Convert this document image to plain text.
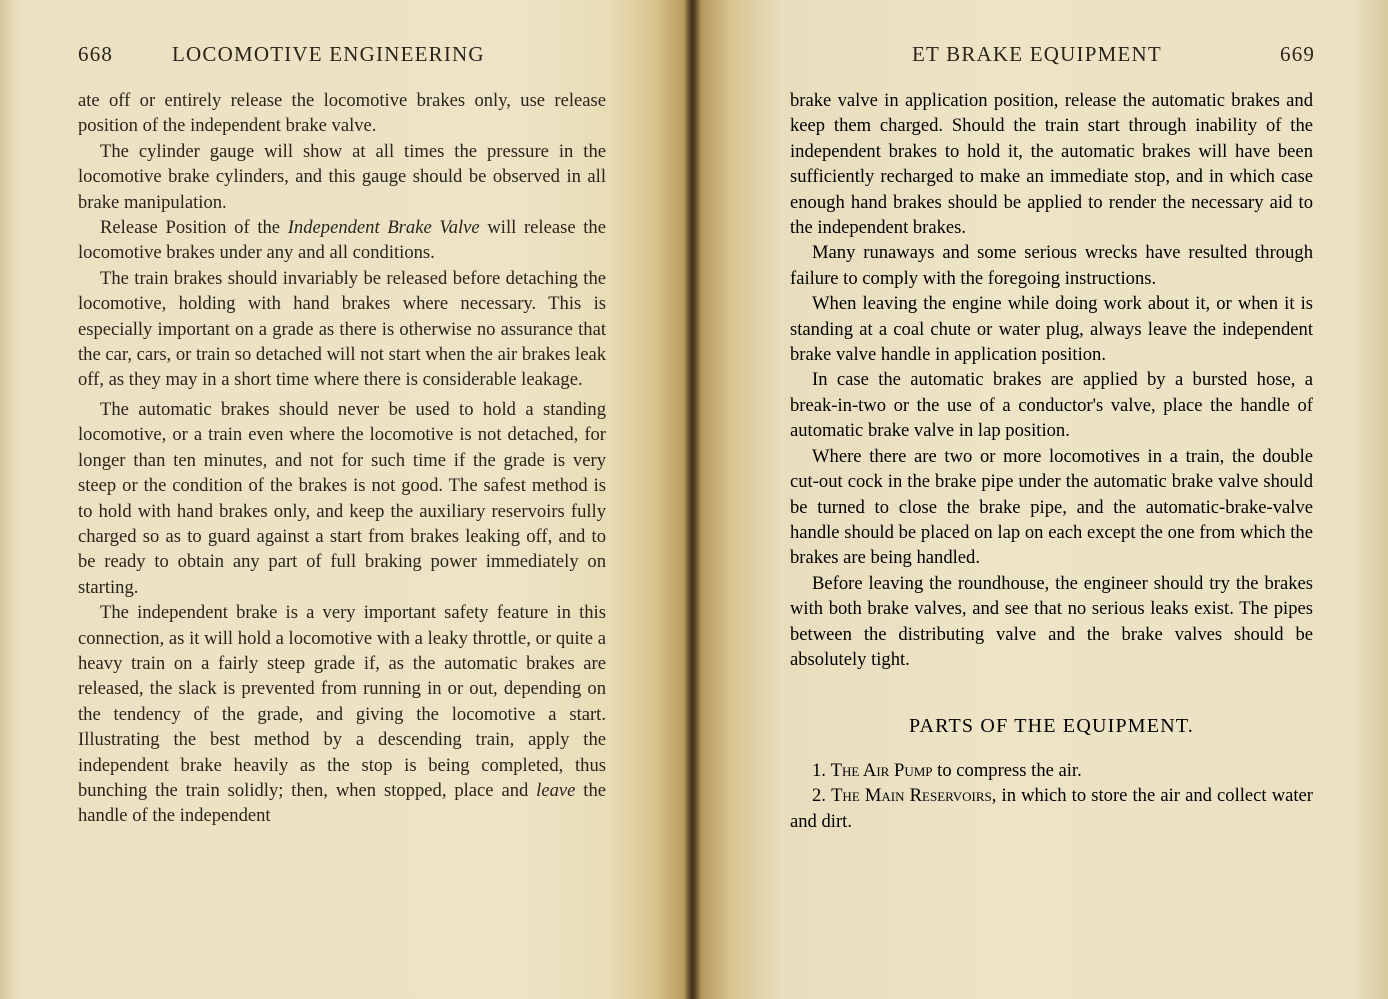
668	LOCOMOTIVE ENGINEERING

ate off or entirely release the locomotive brakes only, use release position of the independent brake valve.

The cylinder gauge will show at all times the pressure in the locomotive brake cylinders, and this gauge should be observed in all brake manipulation.

Release Position of the Independent Brake Valve will release the locomotive brakes under any and all conditions.

The train brakes should invariably be released before detaching the locomotive, holding with hand brakes where necessary. This is especially important on a grade as there is otherwise no assurance that the car, cars, or train so detached will not start when the air brakes leak off, as they may in a short time where there is considerable leakage.

The automatic brakes should never be used to hold a standing locomotive, or a train even where the locomotive is not detached, for longer than ten minutes, and not for such time if the grade is very steep or the condition of the brakes is not good. The safest method is to hold with hand brakes only, and keep the auxiliary reservoirs fully charged so as to guard against a start from brakes leaking off, and to be ready to obtain any part of full braking power immediately on starting.

The independent brake is a very important safety feature in this connection, as it will hold a locomotive with a leaky throttle, or quite a heavy train on a fairly steep grade if, as the automatic brakes are released, the slack is prevented from running in or out, depending on the tendency of the grade, and giving the locomotive a start. Illustrating the best method by a descending train, apply the independent brake heavily as the stop is being completed, thus bunching the train solidly; then, when stopped, place and leave the handle of the independent

ET BRAKE EQUIPMENT	669

brake valve in application position, release the automatic brakes and keep them charged. Should the train start through inability of the independent brakes to hold it, the automatic brakes will have been sufficiently recharged to make an immediate stop, and in which case enough hand brakes should be applied to render the necessary aid to the independent brakes.

Many runaways and some serious wrecks have resulted through failure to comply with the foregoing instructions.

When leaving the engine while doing work about it, or when it is standing at a coal chute or water plug, always leave the independent brake valve handle in application position.

In case the automatic brakes are applied by a bursted hose, a break-in-two or the use of a conductor's valve, place the handle of automatic brake valve in lap position.

Where there are two or more locomotives in a train, the double cut-out cock in the brake pipe under the automatic brake valve should be turned to close the brake pipe, and the automatic-brake-valve handle should be placed on lap on each except the one from which the brakes are being handled.

Before leaving the roundhouse, the engineer should try the brakes with both brake valves, and see that no serious leaks exist. The pipes between the distributing valve and the brake valves should be absolutely tight.

PARTS OF THE EQUIPMENT.

1. The Air Pump to compress the air.

2. The Main Reservoirs, in which to store the air and collect water and dirt.
